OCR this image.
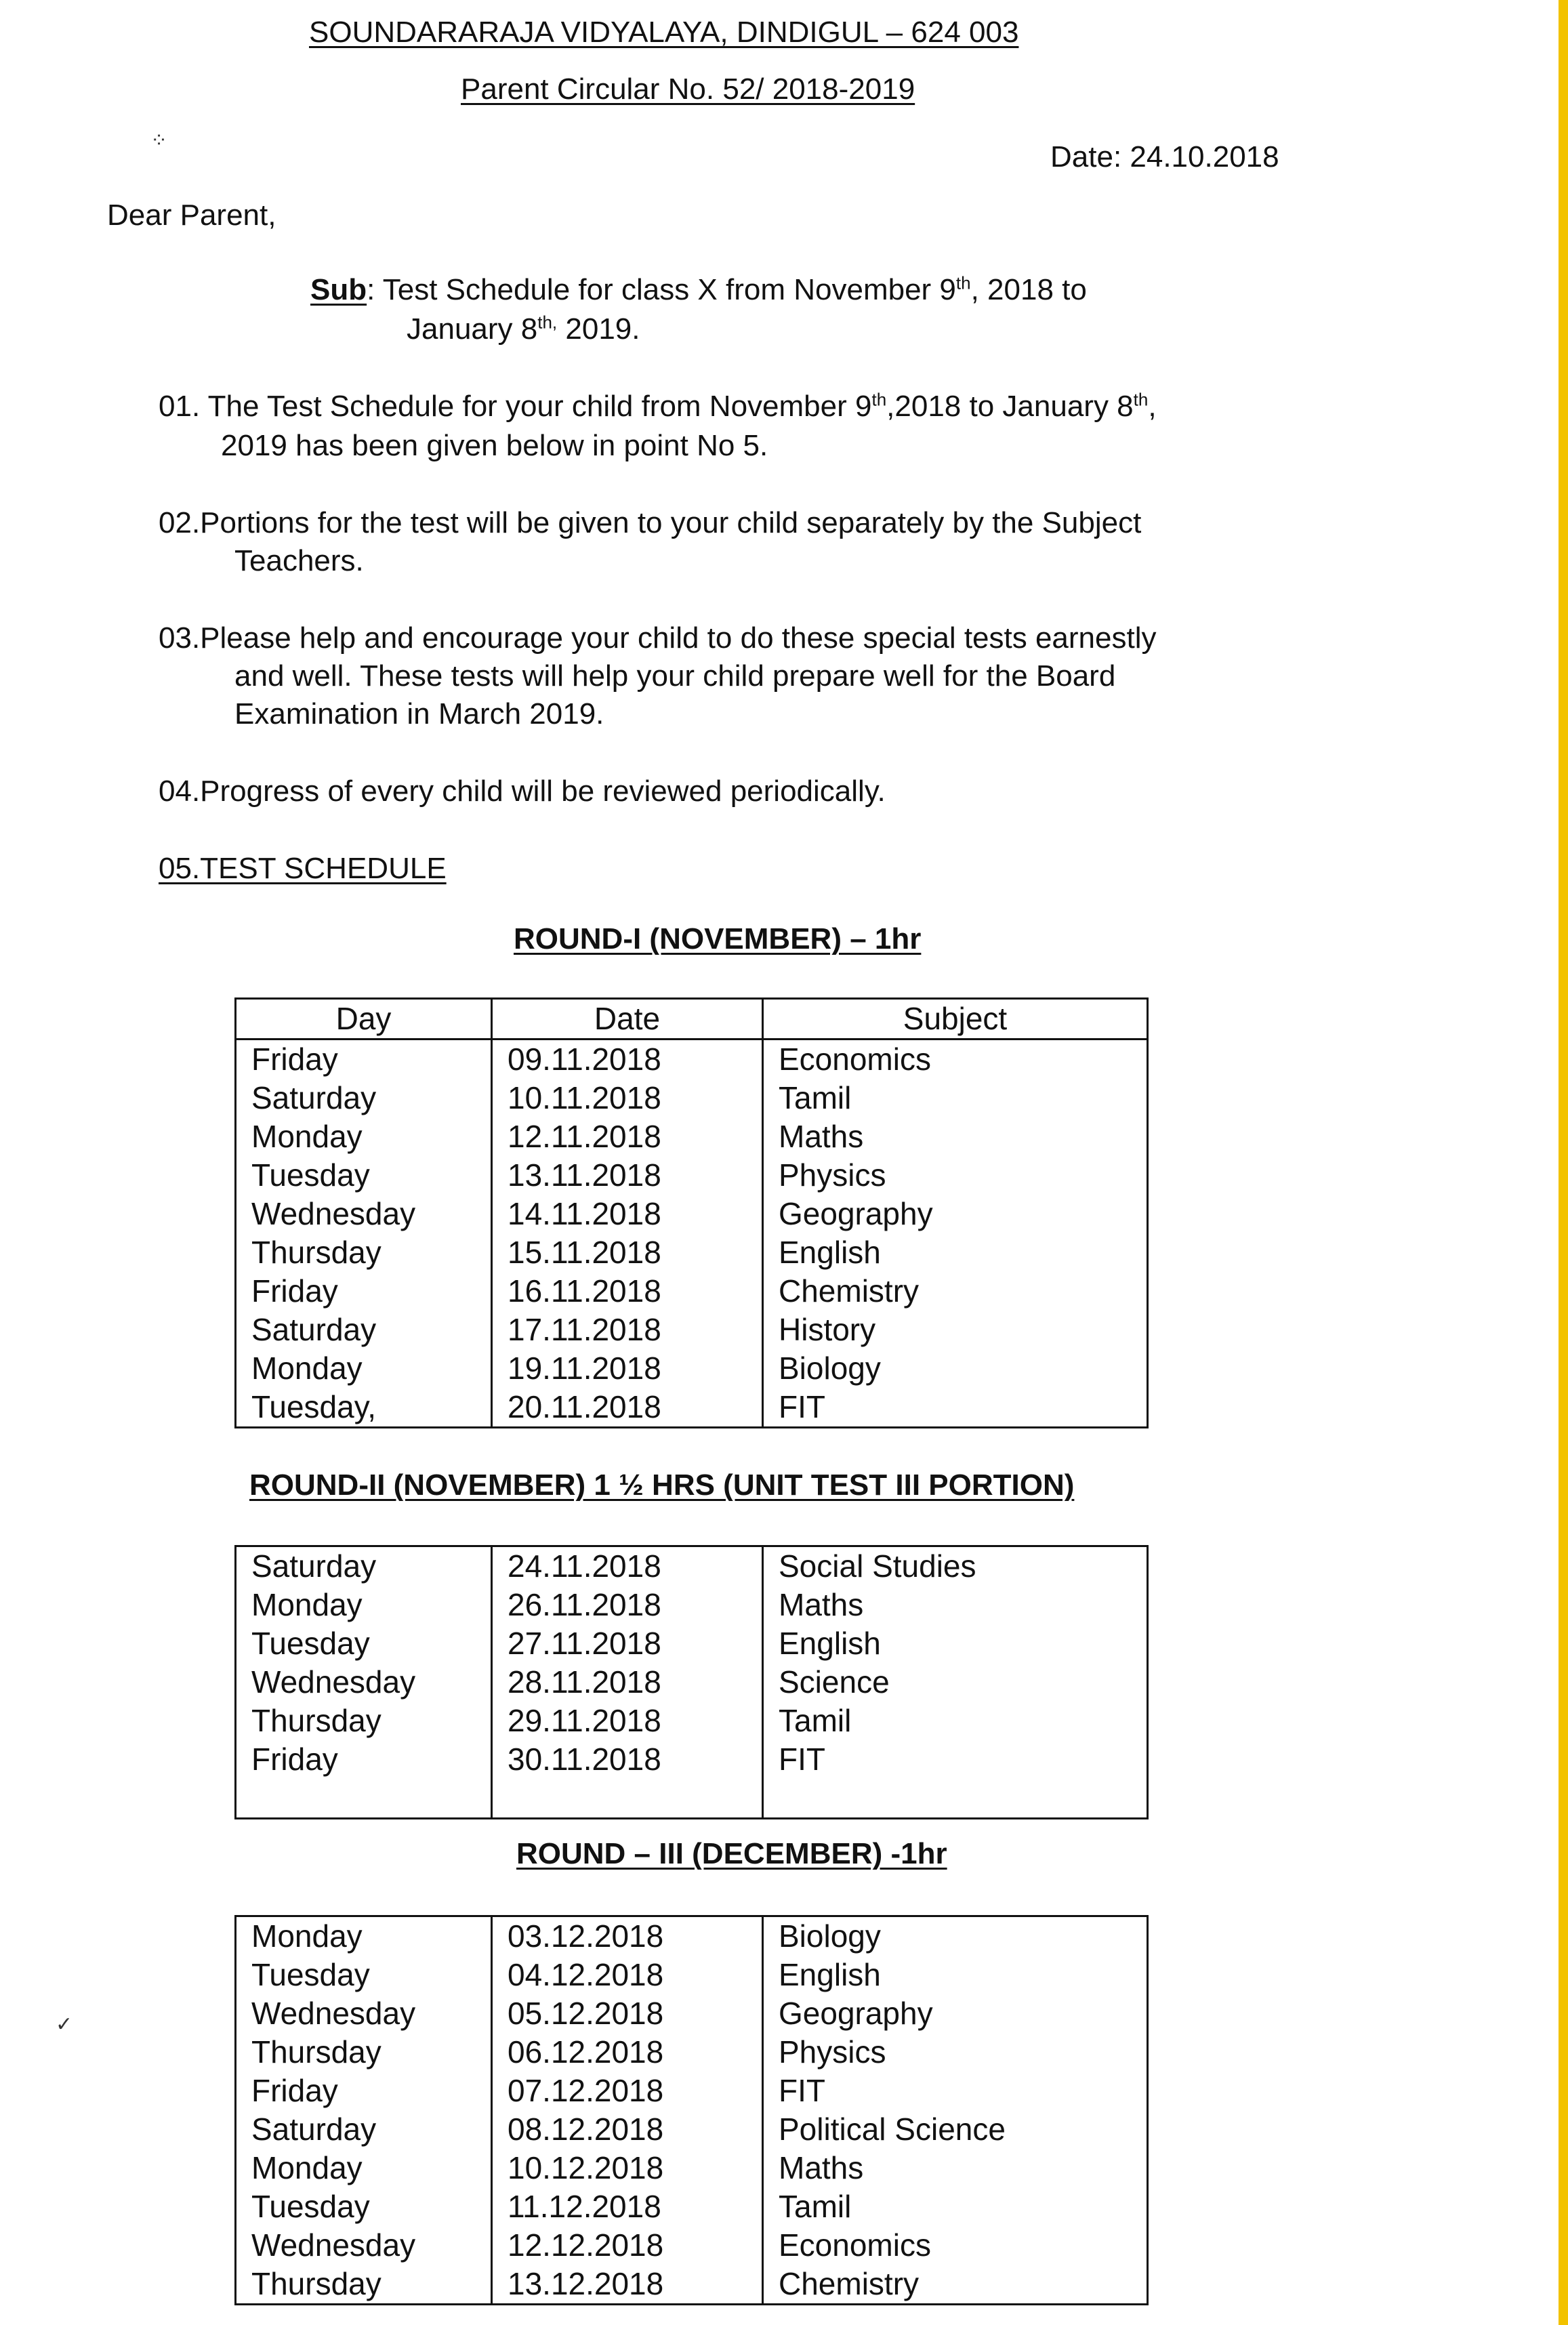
⁘
✓
SOUNDARARAJA VIDYALAYA, DINDIGUL – 624 003
Parent Circular No. 52/ 2018-2019
Date: 24.10.2018
Dear Parent,
Sub: Test Schedule for class X from November 9th, 2018 to
January $8^{th,}$ 2019.
01. The Test Schedule for your child from November 9th,2018 to January 8th,
2019 has been given below in point No 5.
02.Portions for the test will be given to your child separately by the Subject
Teachers.
03.Please help and encourage your child to do these special tests earnestly
and well. These tests will help your child prepare well for the Board
Examination in March 2019.
04.Progress of every child will be reviewed periodically.
05.TEST SCHEDULE
ROUND-I (NOVEMBER) – 1hr
Day	Date	Subject
Friday	09.11.2018	Economics
Saturday	10.11.2018	Tamil
Monday	12.11.2018	Maths
Tuesday	13.11.2018	Physics
Wednesday	14.11.2018	Geography
Thursday	15.11.2018	English
Friday	16.11.2018	Chemistry
Saturday	17.11.2018	History
Monday	19.11.2018	Biology
Tuesday,	20.11.2018	FIT
ROUND-II (NOVEMBER) 1 ½ HRS (UNIT TEST III PORTION)
Saturday	24.11.2018	Social Studies
Monday	26.11.2018	Maths
Tuesday	27.11.2018	English
Wednesday	28.11.2018	Science
Thursday	29.11.2018	Tamil
Friday	30.11.2018	FIT

ROUND – III (DECEMBER) -1hr
Monday	03.12.2018	Biology
Tuesday	04.12.2018	English
Wednesday	05.12.2018	Geography
Thursday	06.12.2018	Physics
Friday	07.12.2018	FIT
Saturday	08.12.2018	Political Science
Monday	10.12.2018	Maths
Tuesday	11.12.2018	Tamil
Wednesday	12.12.2018	Economics
Thursday	13.12.2018	Chemistry
